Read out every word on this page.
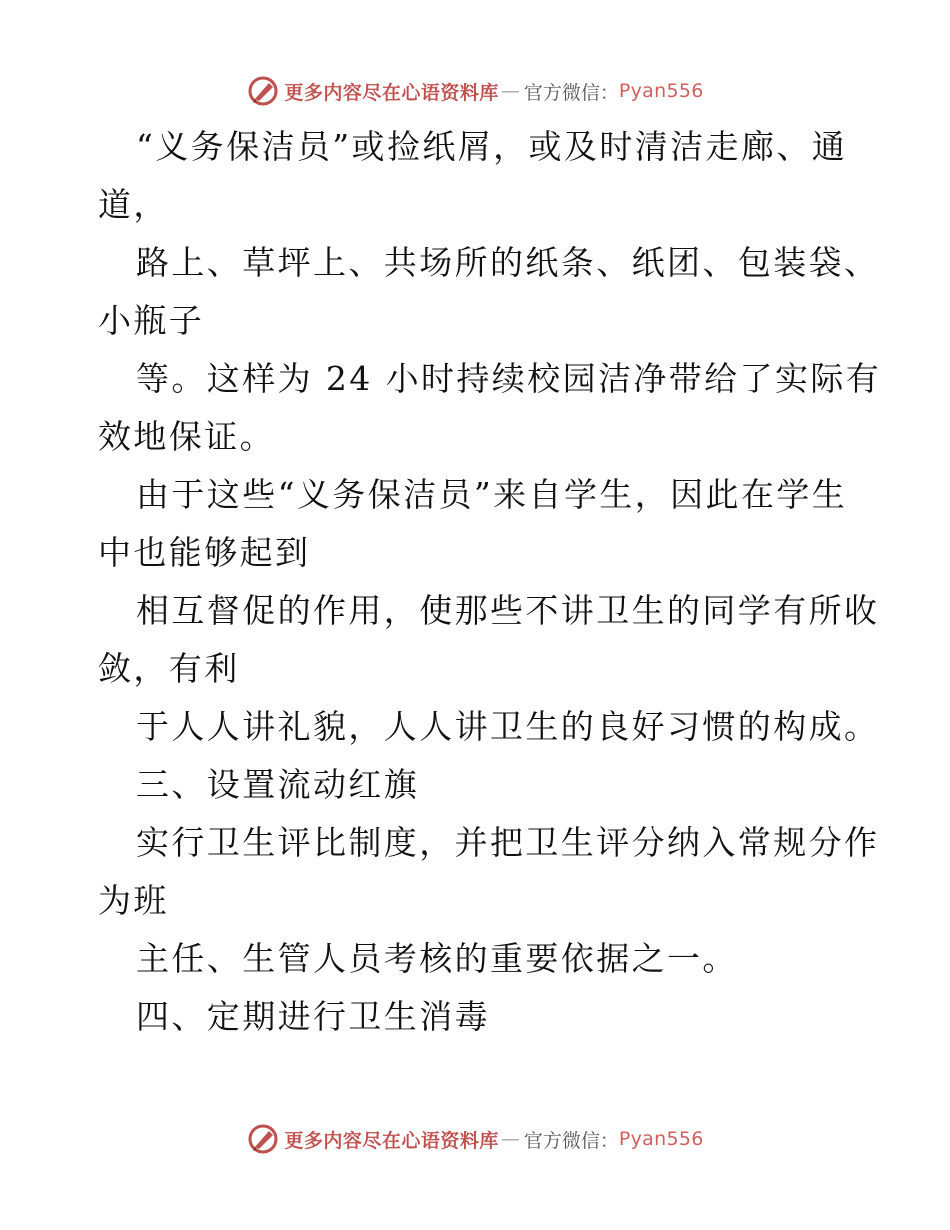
更多内容尽在心语资料库 — 官方微信： Pyan556
“义务保洁员”或捡纸屑，或及时清洁走廊、通
道，
路上、草坪上、共场所的纸条、纸团、包装袋、
小瓶子
等。这样为 24 小时持续校园洁净带给了实际有
效地保证。
由于这些“义务保洁员”来自学生，因此在学生
中也能够起到
相互督促的作用，使那些不讲卫生的同学有所收
敛，有利
于人人讲礼貌，人人讲卫生的良好习惯的构成。
三、设置流动红旗
实行卫生评比制度，并把卫生评分纳入常规分作
为班
主任、生管人员考核的重要依据之一。
四、定期进行卫生消毒
更多内容尽在心语资料库 — 官方微信： Pyan556
